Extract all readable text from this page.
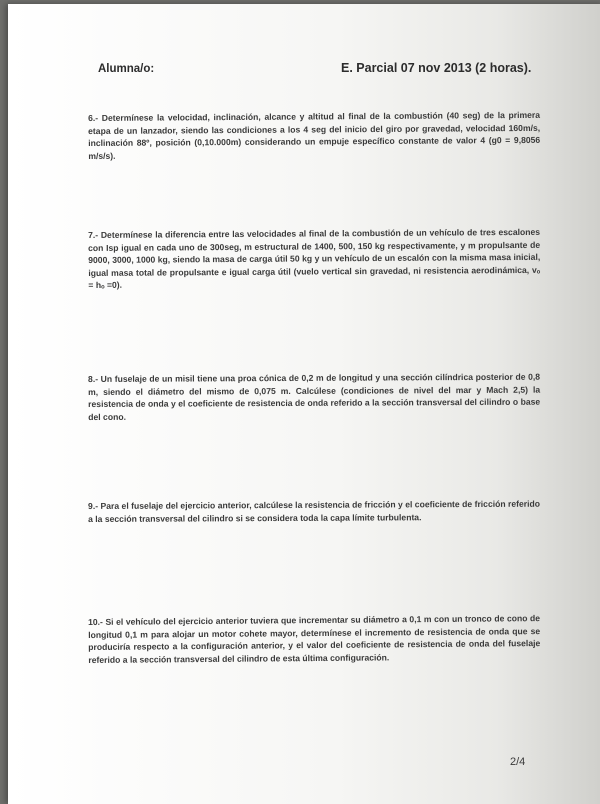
Alumna/o:	E. Parcial 07 nov 2013 (2 horas).
6.- Determínese la velocidad, inclinación, alcance y altitud al final de la combustión (40 seg) de la primera etapa de un lanzador, siendo las condiciones a los 4 seg del inicio del giro por gravedad, velocidad 160m/s, inclinación 88º, posición (0,10.000m) considerando un empuje específico constante de valor 4 (g0 = 9,8056 m/s/s).
7.- Determínese la diferencia entre las velocidades al final de la combustión de un vehículo de tres escalones con Isp igual en cada uno de 300seg, m estructural de 1400, 500, 150 kg respectivamente, y m propulsante de 9000, 3000, 1000 kg, siendo la masa de carga útil 50 kg y un vehículo de un escalón con la misma masa inicial, igual masa total de propulsante e igual carga útil (vuelo vertical sin gravedad, ni resistencia aerodinámica, vₒ = hₒ =0).
8.- Un fuselaje de un misil tiene una proa cónica de 0,2 m de longitud y una sección cilíndrica posterior de 0,8 m, siendo el diámetro del mismo de 0,075 m. Calcúlese (condiciones de nivel del mar y Mach 2,5) la resistencia de onda y el coeficiente de resistencia de onda referido a la sección transversal del cilindro o base del cono.
9.- Para el fuselaje del ejercicio anterior, calcúlese la resistencia de fricción y el coeficiente de fricción referido a la sección transversal del cilindro si se considera toda la capa límite turbulenta.
10.- Si el vehículo del ejercicio anterior tuviera que incrementar su diámetro a 0,1 m con un tronco de cono de longitud 0,1 m para alojar un motor cohete mayor, determínese el incremento de resistencia de onda que se produciría respecto a la configuración anterior, y el valor del coeficiente de resistencia de onda del fuselaje referido a la sección transversal del cilindro de esta última configuración.
2/4
